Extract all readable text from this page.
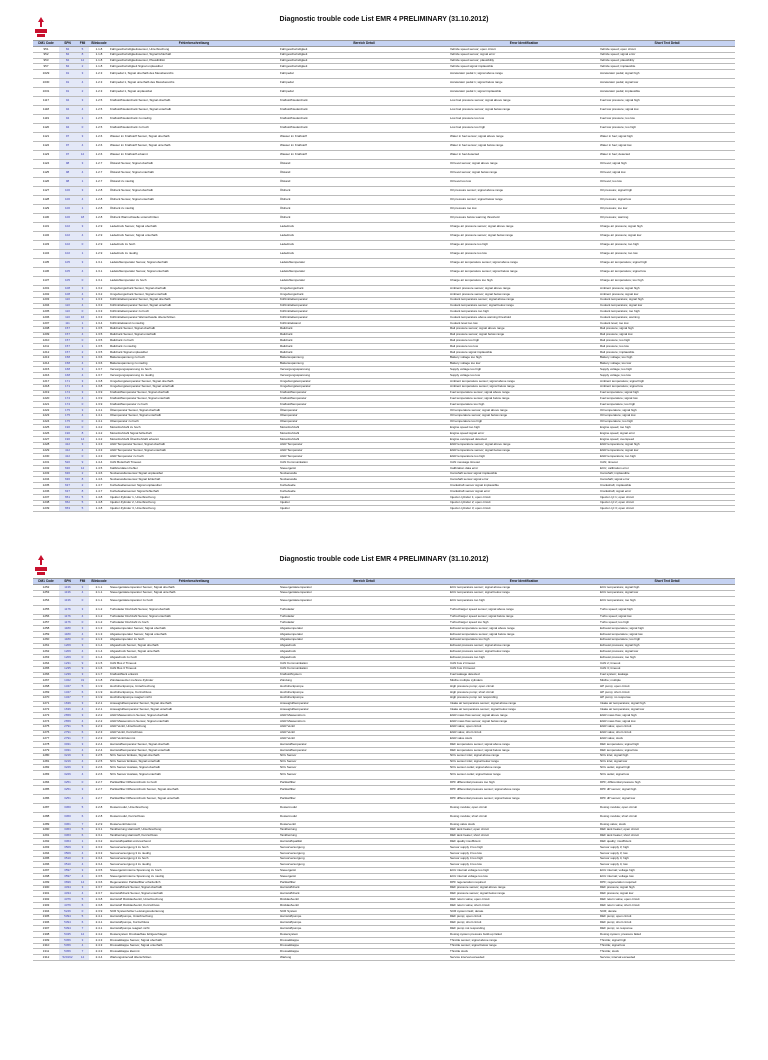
Diagnostic trouble code List EMR 4 PRELIMINARY (31.10.2012)
DM1 Code	SPN	FMI	Blinkcode	Fehlerbeschreibung	Bereich Detail	Error Identification	Short Text Detail
951	84	5	1.1.8	Fahrgeschwindigkeitssensor, Unterbrechung	Fahrgeschwindigkeit	Vehicle speed sensor; open circuit	Vehicle speed; open circuit
952	84	8	1.1.8	Fahrgeschwindigkeitssensor, Signal fehlerhaft	Fahrgeschwindigkeit	Vehicle speed sensor; signal error	Vehicle speed; signal error
953	84	12	1.1.8	Fahrgeschwindigkeitssensor, Plausibilität	Fahrgeschwindigkeit	Vehicle speed sensor; plausibility	Vehicle speed; plausibility
957	84	2	1.1.8	Fahrgeschwindigkeit Signal unplausibel	Fahrgeschwindigkeit	Vehicle speed signal implausible	Vehicle speed; implausible
1029	91	3	1.2.3	Fahrpedal 1, Signal oberhalb des Messbereichs	Fahrpedal	Accelerator pedal 1; signal above range	Accelerator pedal; signal high
1030	91	4	1.2.3	Fahrpedal 1, Signal unterhalb des Messbereichs	Fahrpedal	Accelerator pedal 1; signal below range	Accelerator pedal; signal low
1031	91	2	1.2.3	Fahrpedal 1, Signal unplausibel	Fahrpedal	Accelerator pedal 1; signal implausible	Accelerator pedal; implausible
1117	94	3	1.2.5	Kraftstoffniederdruck Sensor, Signal oberhalb	Kraftstoffniederdruck	Low fuel pressure sensor; signal above range	Fuel low pressure; signal high
1118	94	4	1.2.5	Kraftstoffniederdruck Sensor, Signal unterhalb	Kraftstoffniederdruck	Low fuel pressure sensor; signal below range	Fuel low pressure; signal low
1119	94	1	1.2.5	Kraftstoffniederdruck zu niedrig	Kraftstoffniederdruck	Low fuel pressure too low	Fuel low pressure; too low
1120	94	0	1.2.5	Kraftstoffniederdruck zu hoch	Kraftstoffniederdruck	Low fuel pressure too high	Fuel low pressure; too high
1121	97	3	1.2.6	Wasser im Kraftstoff Sensor, Signal oberhalb	Wasser im Kraftstoff	Water in fuel sensor; signal above range	Water in fuel; signal high
1122	97	4	1.2.6	Wasser im Kraftstoff Sensor, Signal unterhalb	Wasser im Kraftstoff	Water in fuel sensor; signal below range	Water in fuel; signal low
1123	97	12	1.2.6	Wasser im Kraftstoff erkannt	Wasser im Kraftstoff	Water in fuel detected	Water in fuel; detected
1124	98	3	1.2.7	Ölstand Sensor, Signal oberhalb	Ölstand	Oil level sensor; signal above range	Oil level; signal high
1125	98	4	1.2.7	Ölstand Sensor, Signal unterhalb	Ölstand	Oil level sensor; signal below range	Oil level; signal low
1126	98	1	1.2.7	Ölstand zu niedrig	Ölstand	Oil level too low	Oil level; too low
1127	100	3	1.2.8	Öldruck Sensor, Signal oberhalb	Öldruck	Oil pressure sensor; signal above range	Oil pressure; signal high
1128	100	4	1.2.8	Öldruck Sensor, Signal unterhalb	Öldruck	Oil pressure sensor; signal below range	Oil pressure; signal low
1129	100	1	1.2.8	Öldruck zu niedrig	Öldruck	Oil pressure too low	Oil pressure; too low
1130	100	18	1.2.8	Öldruck Warnschwelle unterschritten	Öldruck	Oil pressure below warning threshold	Oil pressure; warning
1131	102	3	1.2.9	Ladedruck Sensor, Signal oberhalb	Ladedruck	Charge air pressure sensor; signal above range	Charge air pressure; signal high
1132	102	4	1.2.9	Ladedruck Sensor, Signal unterhalb	Ladedruck	Charge air pressure sensor; signal below range	Charge air pressure; signal low
1133	102	0	1.2.9	Ladedruck zu hoch	Ladedruck	Charge air pressure too high	Charge air pressure; too high
1134	102	1	1.2.9	Ladedruck zu niedrig	Ladedruck	Charge air pressure too low	Charge air pressure; too low
1135	105	3	1.3.1	Ladelufttemperatur Sensor, Signal oberhalb	Ladelufttemperatur	Charge air temperature sensor; signal above range	Charge air temperature; signal high
1136	105	4	1.3.1	Ladelufttemperatur Sensor, Signal unterhalb	Ladelufttemperatur	Charge air temperature sensor; signal below range	Charge air temperature; signal low
1137	105	0	1.3.1	Ladelufttemperatur zu hoch	Ladelufttemperatur	Charge air temperature too high	Charge air temperature; too high
1201	108	3	1.3.2	Umgebungsdruck Sensor, Signal oberhalb	Umgebungsdruck	Ambient pressure sensor; signal above range	Ambient pressure; signal high
1202	108	4	1.3.2	Umgebungsdruck Sensor, Signal unterhalb	Umgebungsdruck	Ambient pressure sensor; signal below range	Ambient pressure; signal low
1203	110	3	1.3.3	Kühlmitteltemperatur Sensor, Signal oberhalb	Kühlmitteltemperatur	Coolant temperature sensor; signal above range	Coolant temperature; signal high
1204	110	4	1.3.3	Kühlmitteltemperatur Sensor, Signal unterhalb	Kühlmitteltemperatur	Coolant temperature sensor; signal below range	Coolant temperature; signal low
1205	110	0	1.3.3	Kühlmitteltemperatur zu hoch	Kühlmitteltemperatur	Coolant temperature too high	Coolant temperature; too high
1206	110	16	1.3.3	Kühlmitteltemperatur Warnschwelle überschritten	Kühlmitteltemperatur	Coolant temperature above warning threshold	Coolant temperature; warning
1207	111	1	1.3.4	Kühlmittelstand zu niedrig	Kühlmittelstand	Coolant level too low	Coolant level; too low
1208	157	3	1.3.5	Raildruck Sensor, Signal oberhalb	Raildruck	Rail pressure sensor; signal above range	Rail pressure; signal high
1209	157	4	1.3.5	Raildruck Sensor, Signal unterhalb	Raildruck	Rail pressure sensor; signal below range	Rail pressure; signal low
1210	157	0	1.3.5	Raildruck zu hoch	Raildruck	Rail pressure too high	Rail pressure; too high
1211	157	1	1.3.5	Raildruck zu niedrig	Raildruck	Rail pressure too low	Rail pressure; too low
1212	157	2	1.3.5	Raildruck Signal unplausibel	Raildruck	Rail pressure signal implausible	Rail pressure; implausible
1213	158	3	1.3.6	Batteriespannung zu hoch	Batteriespannung	Battery voltage too high	Battery voltage; too high
1214	158	4	1.3.6	Batteriespannung zu niedrig	Batteriespannung	Battery voltage too low	Battery voltage; too low
1215	168	3	1.3.7	Versorgungsspannung zu hoch	Versorgungsspannung	Supply voltage too high	Supply voltage; too high
1216	168	4	1.3.7	Versorgungsspannung zu niedrig	Versorgungsspannung	Supply voltage too low	Supply voltage; too low
1217	171	3	1.3.8	Umgebungstemperatur Sensor, Signal oberhalb	Umgebungstemperatur	Ambient temperature sensor; signal above range	Ambient temperature; signal high
1218	171	4	1.3.8	Umgebungstemperatur Sensor, Signal unterhalb	Umgebungstemperatur	Ambient temperature sensor; signal below range	Ambient temperature; signal low
1219	174	3	1.3.9	Kraftstofftemperatur Sensor, Signal oberhalb	Kraftstofftemperatur	Fuel temperature sensor; signal above range	Fuel temperature; signal high
1220	174	4	1.3.9	Kraftstofftemperatur Sensor, Signal unterhalb	Kraftstofftemperatur	Fuel temperature sensor; signal below range	Fuel temperature; signal low
1221	174	0	1.3.9	Kraftstofftemperatur zu hoch	Kraftstofftemperatur	Fuel temperature too high	Fuel temperature; too high
1222	175	3	1.4.1	Öltemperatur Sensor, Signal oberhalb	Öltemperatur	Oil temperature sensor; signal above range	Oil temperature; signal high
1223	175	4	1.4.1	Öltemperatur Sensor, Signal unterhalb	Öltemperatur	Oil temperature sensor; signal below range	Oil temperature; signal low
1224	175	0	1.4.1	Öltemperatur zu hoch	Öltemperatur	Oil temperature too high	Oil temperature; too high
1225	190	0	1.4.2	Motordrehzahl zu hoch	Motordrehzahl	Engine speed too high	Engine speed; too high
1226	190	8	1.4.2	Motordrehzahl Signal fehlerhaft	Motordrehzahl	Engine speed signal error	Engine speed; signal error
1227	190	14	1.4.2	Motordrehzahl Überdrehzahl erkannt	Motordrehzahl	Engine overspeed detected	Engine speed; overspeed
1228	412	3	1.4.3	AGR Temperatur Sensor, Signal oberhalb	AGR Temperatur	EGR temperature sensor; signal above range	EGR temperature; signal high
1229	412	4	1.4.3	AGR Temperatur Sensor, Signal unterhalb	AGR Temperatur	EGR temperature sensor; signal below range	EGR temperature; signal low
1230	412	0	1.4.3	AGR Temperatur zu hoch	AGR Temperatur	EGR temperature too high	EGR temperature; too high
1231	520	9	1.4.4	CAN Botschaft Timeout	CAN Kommunikation	CAN message timeout	CAN; timeout
1232	630	12	1.4.5	Kalibrierdaten Fehler	Steuergerät	Calibration data error	ECU; calibration error
1233	636	2	1.4.6	Nockenwellensensor Signal unplausibel	Nockenwelle	Camshaft sensor signal implausible	Camshaft; implausible
1234	636	8	1.4.6	Nockenwellensensor Signal fehlerhaft	Nockenwelle	Camshaft sensor signal error	Camshaft; signal error
1235	637	2	1.4.7	Kurbelwellensensor Signal unplausibel	Kurbelwelle	Crankshaft sensor signal implausible	Crankshaft; implausible
1236	637	8	1.4.7	Kurbelwellensensor Signal fehlerhaft	Kurbelwelle	Crankshaft sensor signal error	Crankshaft; signal error
1237	651	5	1.4.8	Injektor Zylinder 1, Unterbrechung	Injektor	Injector cylinder 1; open circuit	Injector cyl 1; open circuit
1238	652	5	1.4.8	Injektor Zylinder 2, Unterbrechung	Injektor	Injector cylinder 2; open circuit	Injector cyl 2; open circuit
1239	653	5	1.4.8	Injektor Zylinder 3, Unterbrechung	Injektor	Injector cylinder 3; open circuit	Injector cyl 3; open circuit

Diagnostic trouble code List EMR 4 PRELIMINARY (31.10.2012)
DM1 Code	SPN	FMI	Blinkcode	Fehlerbeschreibung	Bereich Detail	Error Identification	Short Text Detail
1252	1136	3	2.1.1	Steuergerätetemperatur Sensor, Signal oberhalb	Steuergerätetemperatur	ECU temperature sensor; signal above range	ECU temperature; signal high
1253	1136	4	2.1.1	Steuergerätetemperatur Sensor, Signal unterhalb	Steuergerätetemperatur	ECU temperature sensor; signal below range	ECU temperature; signal low
1254	1136	0	2.1.1	Steuergerätetemperatur zu hoch	Steuergerätetemperatur	ECU temperature too high	ECU temperature; too high
1255	1176	3	2.1.2	Turbolader Drehzahl Sensor, Signal oberhalb	Turbolader	Turbocharger speed sensor; signal above range	Turbo speed; signal high
1256	1176	4	2.1.2	Turbolader Drehzahl Sensor, Signal unterhalb	Turbolader	Turbocharger speed sensor; signal below range	Turbo speed; signal low
1257	1176	0	2.1.2	Turbolader Drehzahl zu hoch	Turbolader	Turbocharger speed too high	Turbo speed; too high
1258	1180	3	2.1.3	Abgastemperatur Sensor, Signal oberhalb	Abgastemperatur	Exhaust temperature sensor; signal above range	Exhaust temperature; signal high
1259	1180	4	2.1.3	Abgastemperatur Sensor, Signal unterhalb	Abgastemperatur	Exhaust temperature sensor; signal below range	Exhaust temperature; signal low
1260	1180	0	2.1.3	Abgastemperatur zu hoch	Abgastemperatur	Exhaust temperature too high	Exhaust temperature; too high
1261	1209	3	2.1.4	Abgasdruck Sensor, Signal oberhalb	Abgasdruck	Exhaust pressure sensor; signal above range	Exhaust pressure; signal high
1262	1209	4	2.1.4	Abgasdruck Sensor, Signal unterhalb	Abgasdruck	Exhaust pressure sensor; signal below range	Exhaust pressure; signal low
1263	1209	0	2.1.4	Abgasdruck zu hoch	Abgasdruck	Exhaust pressure too high	Exhaust pressure; too high
1264	1231	9	2.1.5	CAN Bus 2 Timeout	CAN Kommunikation	CAN bus 2 timeout	CAN 2; timeout
1265	1235	9	2.1.6	CAN Bus 3 Timeout	CAN Kommunikation	CAN bus 3 timeout	CAN 3; timeout
1266	1239	3	2.1.7	Kraftstoffleck erkannt	Kraftstoffsystem	Fuel leakage detected	Fuel system; leakage
1267	1322	31	2.1.8	Zündaussetzer mehrere Zylinder	Zündung	Misfire multiple cylinders	Misfire; multiple
1268	1347	5	2.1.9	Hochdruckpumpe, Unterbrechung	Hochdruckpumpe	High pressure pump; open circuit	HP pump; open circuit
1269	1347	6	2.1.9	Hochdruckpumpe, Kurzschluss	Hochdruckpumpe	High pressure pump; short circuit	HP pump; short circuit
1270	1347	7	2.1.9	Hochdruckpumpe reagiert nicht	Hochdruckpumpe	High pressure pump not responding	HP pump; no response
1271	1636	3	2.2.1	Ansauglufttemperatur Sensor, Signal oberhalb	Ansauglufttemperatur	Intake air temperature sensor; signal above range	Intake air temperature; signal high
1272	1636	4	2.2.1	Ansauglufttemperatur Sensor, Signal unterhalb	Ansauglufttemperatur	Intake air temperature sensor; signal below range	Intake air temperature; signal low
1273	2659	3	2.2.2	AGR Massenstrom Sensor, Signal oberhalb	AGR Massenstrom	EGR mass flow sensor; signal above range	EGR mass flow; signal high
1274	2659	4	2.2.2	AGR Massenstrom Sensor, Signal unterhalb	AGR Massenstrom	EGR mass flow sensor; signal below range	EGR mass flow; signal low
1275	2791	5	2.2.3	AGR Ventil, Unterbrechung	AGR Ventil	EGR valve; open circuit	EGR valve; open circuit
1276	2791	6	2.2.3	AGR Ventil, Kurzschluss	AGR Ventil	EGR valve; short circuit	EGR valve; short circuit
1277	2791	7	2.2.3	AGR Ventil klemmt	AGR Ventil	EGR valve stuck	EGR valve; stuck
1278	3031	3	2.2.4	Harnstofftemperatur Sensor, Signal oberhalb	Harnstofftemperatur	DEF temperature sensor; signal above range	DEF temperature; signal high
1279	3031	4	2.2.4	Harnstofftemperatur Sensor, Signal unterhalb	Harnstofftemperatur	DEF temperature sensor; signal below range	DEF temperature; signal low
1280	3216	3	2.2.5	NOx Sensor Einlass, Signal oberhalb	NOx Sensor	NOx sensor inlet; signal above range	NOx inlet; signal high
1281	3216	4	2.2.5	NOx Sensor Einlass, Signal unterhalb	NOx Sensor	NOx sensor inlet; signal below range	NOx inlet; signal low
1282	3226	3	2.2.6	NOx Sensor Auslass, Signal oberhalb	NOx Sensor	NOx sensor outlet; signal above range	NOx outlet; signal high
1283	3226	4	2.2.6	NOx Sensor Auslass, Signal unterhalb	NOx Sensor	NOx sensor outlet; signal below range	NOx outlet; signal low
1284	3251	0	2.2.7	Partikelfilter Differenzdruck zu hoch	Partikelfilter	DPF differential pressure too high	DPF; differential pressure high
1285	3251	3	2.2.7	Partikelfilter Differenzdruck Sensor, Signal oberhalb	Partikelfilter	DPF differential pressure sensor; signal above range	DPF dP sensor; signal high
1286	3251	4	2.2.7	Partikelfilter Differenzdruck Sensor, Signal unterhalb	Partikelfilter	DPF differential pressure sensor; signal below range	DPF dP sensor; signal low
1287	3360	5	2.2.8	Dosiermodul, Unterbrechung	Dosiermodul	Dosing module; open circuit	Dosing module; open circuit
1288	3360	6	2.2.8	Dosiermodul, Kurzschluss	Dosiermodul	Dosing module; short circuit	Dosing module; short circuit
1289	3361	7	2.2.9	Dosierventil klemmt	Dosierventil	Dosing valve stuck	Dosing valve; stuck
1290	3363	5	2.3.1	Tankheizung Harnstoff, Unterbrechung	Tankheizung	DEF tank heater; open circuit	DEF tank heater; open circuit
1291	3363	6	2.3.1	Tankheizung Harnstoff, Kurzschluss	Tankheizung	DEF tank heater; short circuit	DEF tank heater; short circuit
1292	3364	1	2.3.2	Harnstoffqualität unzureichend	Harnstoffqualität	DEF quality insufficient	DEF quality; insufficient
1293	3509	3	2.3.3	Sensorversorgung 3 zu hoch	Sensorversorgung	Sensor supply 3 too high	Sensor supply 3; high
1294	3509	4	2.3.3	Sensorversorgung 3 zu niedrig	Sensorversorgung	Sensor supply 3 too low	Sensor supply 3; low
1295	3510	3	2.3.4	Sensorversorgung 4 zu hoch	Sensorversorgung	Sensor supply 4 too high	Sensor supply 4; high
1296	3510	4	2.3.4	Sensorversorgung 4 zu niedrig	Sensorversorgung	Sensor supply 4 too low	Sensor supply 4; low
1297	3597	3	2.3.5	Steuergerät interne Spannung zu hoch	Steuergerät	ECU internal voltage too high	ECU internal; voltage high
1298	3597	4	2.3.5	Steuergerät interne Spannung zu niedrig	Steuergerät	ECU internal voltage too low	ECU internal; voltage low
1299	3699	14	2.3.6	Regeneration Partikelfilter erforderlich	Partikelfilter	DPF regeneration required	DPF; regeneration required
1300	4334	3	2.3.7	Harnstoffdruck Sensor, Signal oberhalb	Harnstoffdruck	DEF pressure sensor; signal above range	DEF pressure; signal high
1301	4334	4	2.3.7	Harnstoffdruck Sensor, Signal unterhalb	Harnstoffdruck	DEF pressure sensor; signal below range	DEF pressure; signal low
1302	4376	5	2.3.8	Harnstoff Rücklaufventil, Unterbrechung	Rücklaufventil	DEF return valve; open circuit	DEF return valve; open circuit
1303	4376	6	2.3.8	Harnstoff Rücklaufventil, Kurzschluss	Rücklaufventil	DEF return valve; short circuit	DEF return valve; short circuit
1304	5246	0	2.3.9	SCR Systemfehler Leistungsreduzierung	SCR System	SCR system fault; derate	SCR; derate
1305	5394	5	2.4.1	Harnstoffpumpe, Unterbrechung	Harnstoffpumpe	DEF pump; open circuit	DEF pump; open circuit
1306	5394	6	2.4.1	Harnstoffpumpe, Kurzschluss	Harnstoffpumpe	DEF pump; short circuit	DEF pump; short circuit
1307	5394	7	2.4.1	Harnstoffpumpe reagiert nicht	Harnstoffpumpe	DEF pump not responding	DEF pump; no response
1308	5435	12	2.4.2	Dosiersystem Druckaufbau fehlgeschlagen	Dosiersystem	Dosing system pressure build-up failed	Dosing system; pressure failed
1309	5456	3	2.4.3	Drosselklappe Sensor, Signal oberhalb	Drosselklappe	Throttle sensor; signal above range	Throttle; signal high
1310	5456	4	2.4.3	Drosselklappe Sensor, Signal unterhalb	Drosselklappe	Throttle sensor; signal below range	Throttle; signal low
1311	5456	7	2.4.3	Drosselklappe klemmt	Drosselklappe	Throttle stuck	Throttle; stuck
1312	520192	14	2.4.4	Wartungsintervall überschritten	Wartung	Service interval exceeded	Service; interval exceeded
